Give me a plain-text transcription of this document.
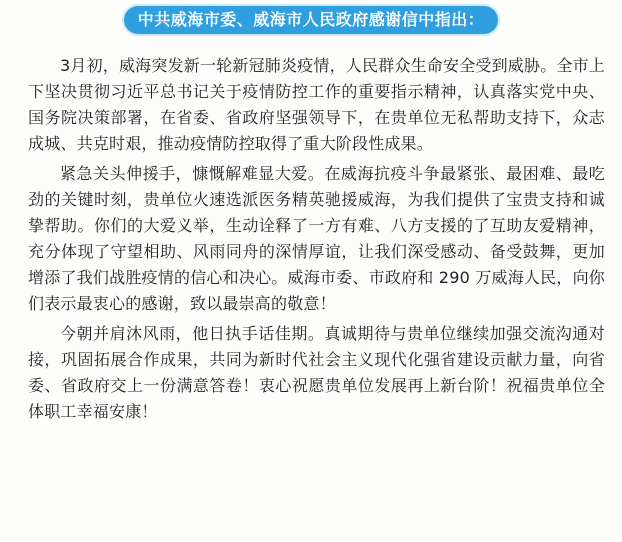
中共威海市委、威海市人民政府感谢信中指出：

3月初，威海突发新一轮新冠肺炎疫情，人民群众生命安全受到威胁。全市上下坚决贯彻习近平总书记关于疫情防控工作的重要指示精神，认真落实党中央、国务院决策部署，在省委、省政府坚强领导下，在贵单位无私帮助支持下，众志成城、共克时艰，推动疫情防控取得了重大阶段性成果。

紧急关头伸援手，慷慨解难显大爱。在威海抗疫斗争最紧张、最困难、最吃劲的关键时刻，贵单位火速选派医务精英驰援威海，为我们提供了宝贵支持和诚挚帮助。你们的大爱义举，生动诠释了一方有难、八方支援的了互助友爱精神，充分体现了守望相助、风雨同舟的深情厚谊，让我们深受感动、备受鼓舞，更加增添了我们战胜疫情的信心和决心。威海市委、市政府和 290 万威海人民，向你们表示最衷心的感谢，致以最崇高的敬意！

今朝并肩沐风雨，他日执手话佳期。真诚期待与贵单位继续加强交流沟通对接，巩固拓展合作成果，共同为新时代社会主义现代化强省建设贡献力量，向省委、省政府交上一份满意答卷！衷心祝愿贵单位发展再上新台阶！祝福贵单位全体职工幸福安康！
